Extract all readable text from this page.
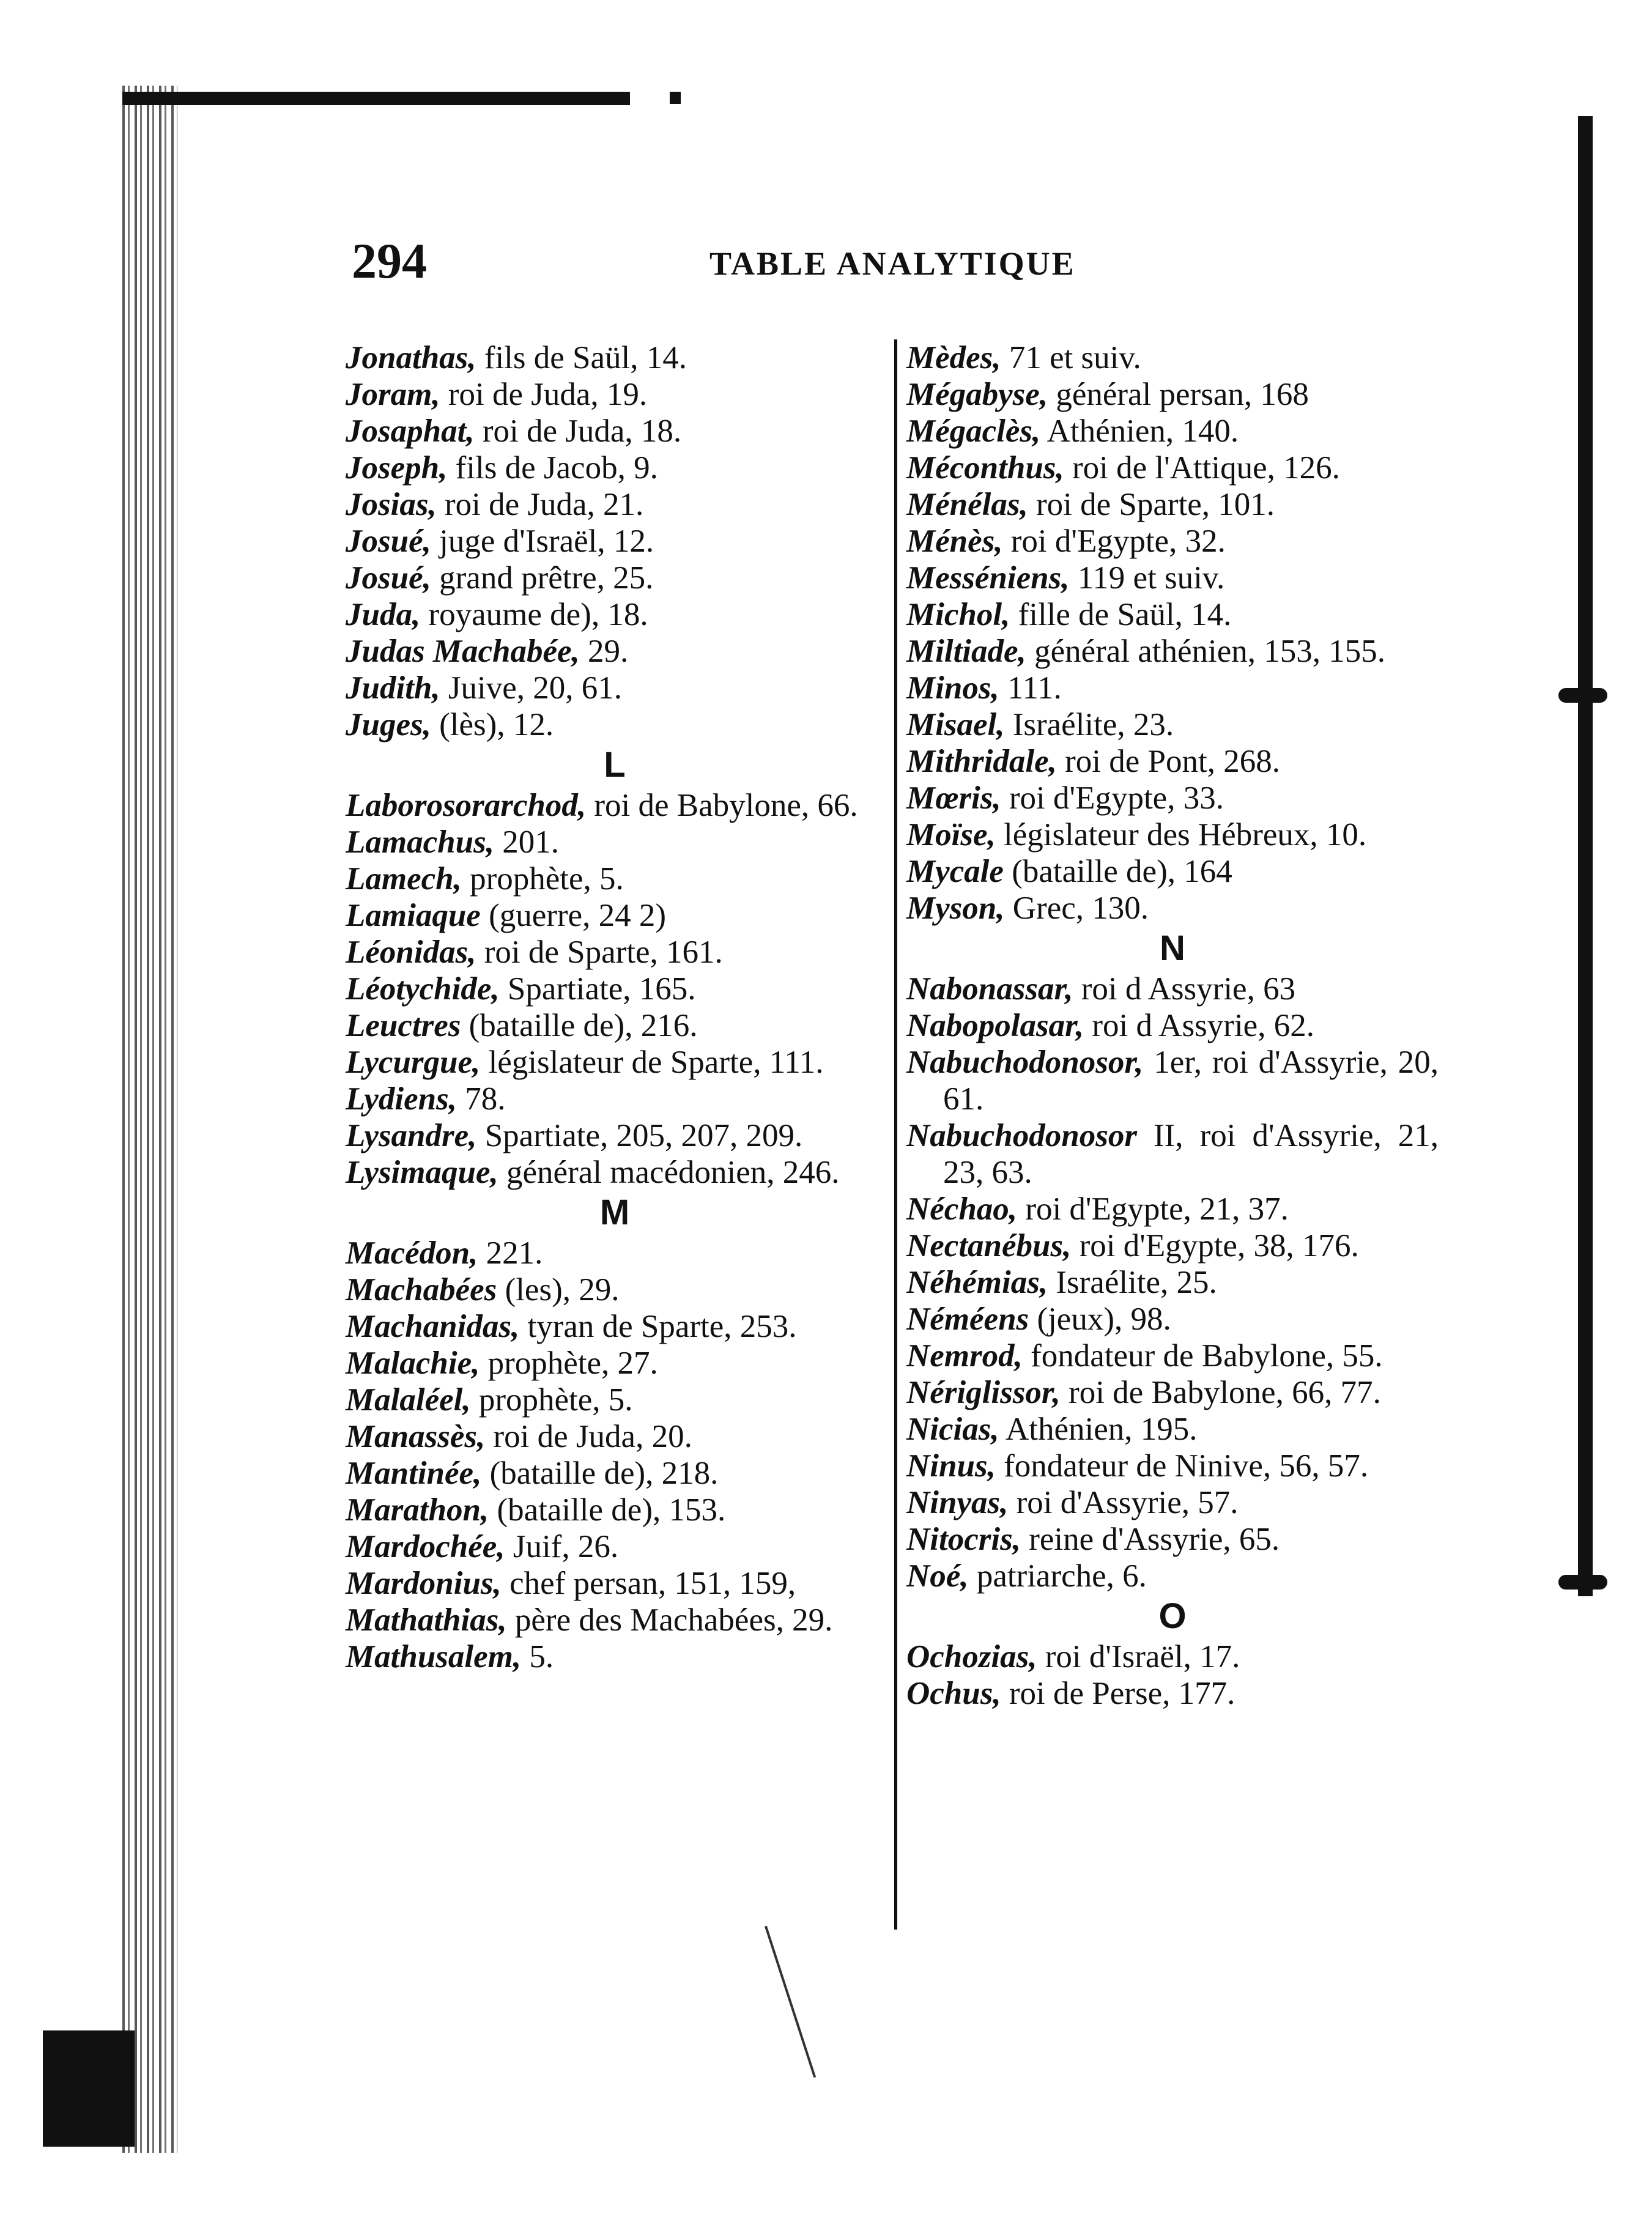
294	TABLE ANALYTIQUE
Jonathas, fils de Saül, 14.
Joram, roi de Juda, 19.
Josaphat, roi de Juda, 18.
Joseph, fils de Jacob, 9.
Josias, roi de Juda, 21.
Josué, juge d'Israël, 12.
Josué, grand prêtre, 25.
Juda, royaume de), 18.
Judas Machabée, 29.
Judith, Juive, 20, 61.
Juges, (lès), 12.
L
Laborosorarchod, roi de Babylone, 66.
Lamachus, 201.
Lamech, prophète, 5.
Lamiaque (guerre, 24 2)
Léonidas, roi de Sparte, 161.
Léotychide, Spartiate, 165.
Leuctres (bataille de), 216.
Lycurgue, législateur de Sparte, 111.
Lydiens, 78.
Lysandre, Spartiate, 205, 207, 209.
Lysimaque, général macédonien, 246.
M
Macédon, 221.
Machabées (les), 29.
Machanidas, tyran de Sparte, 253.
Malachie, prophète, 27.
Malaléel, prophète, 5.
Manassès, roi de Juda, 20.
Mantinée, (bataille de), 218.
Marathon, (bataille de), 153.
Mardochée, Juif, 26.
Mardonius, chef persan, 151, 159,
Mathathias, père des Machabées, 29.
Mathusalem, 5.
Mèdes, 71 et suiv.
Mégabyse, général persan, 168
Mégaclès, Athénien, 140.
Méconthus, roi de l'Attique, 126.
Ménélas, roi de Sparte, 101.
Ménès, roi d'Egypte, 32.
Messéniens, 119 et suiv.
Michol, fille de Saül, 14.
Miltiade, général athénien, 153, 155.
Minos, 111.
Misael, Israélite, 23.
Mithridale, roi de Pont, 268.
Mœris, roi d'Egypte, 33.
Moïse, législateur des Hébreux, 10.
Mycale (bataille de), 164
Myson, Grec, 130.
N
Nabonassar, roi d Assyrie, 63
Nabopolasar, roi d Assyrie, 62.
Nabuchodonosor, 1er, roi d'Assyrie, 20, 61.
Nabuchodonosor II, roi d'Assyrie, 21, 23, 63.
Néchao, roi d'Egypte, 21, 37.
Nectanébus, roi d'Egypte, 38, 176.
Néhémias, Israélite, 25.
Néméens (jeux), 98.
Nemrod, fondateur de Babylone, 55.
Nériglissor, roi de Babylone, 66, 77.
Nicias, Athénien, 195.
Ninus, fondateur de Ninive, 56, 57.
Ninyas, roi d'Assyrie, 57.
Nitocris, reine d'Assyrie, 65.
Noé, patriarche, 6.
O
Ochozias, roi d'Israël, 17.
Ochus, roi de Perse, 177.
